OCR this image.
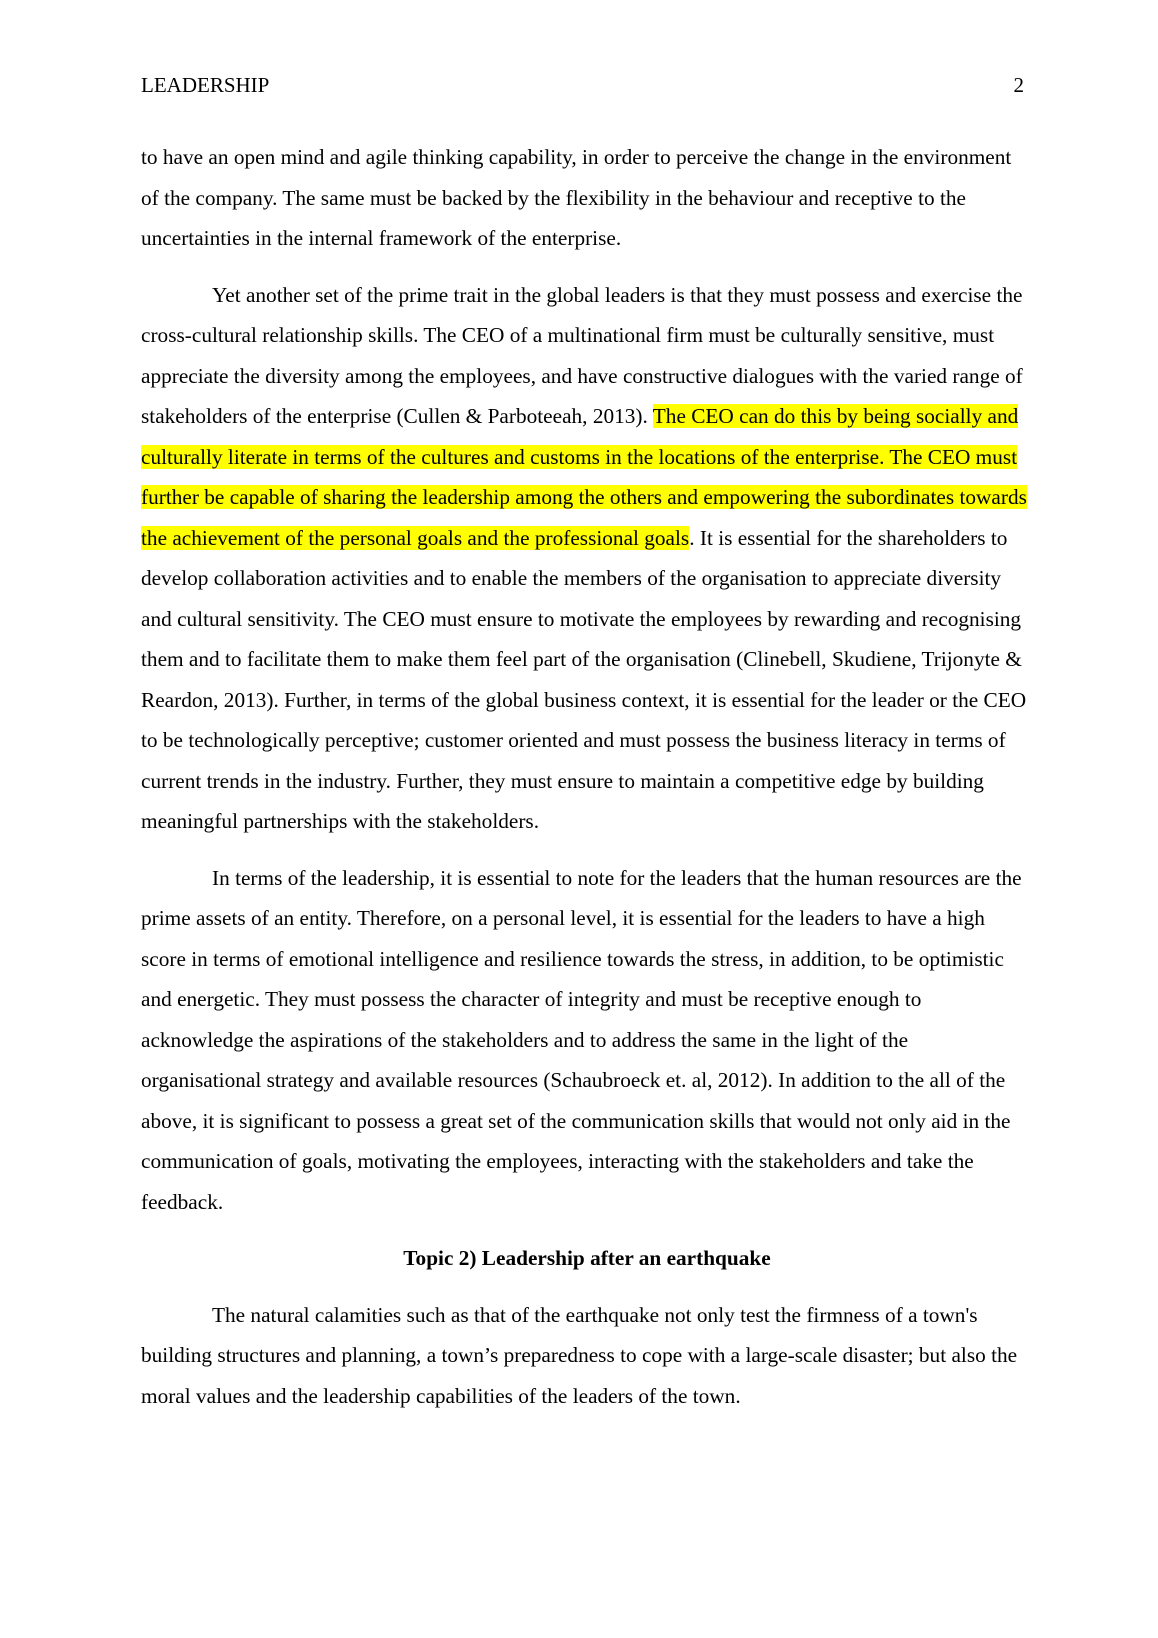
LEADERSHIP	2

to have an open mind and agile thinking capability, in order to perceive the change in the environment of the company. The same must be backed by the flexibility in the behaviour and receptive to the uncertainties in the internal framework of the enterprise.

Yet another set of the prime trait in the global leaders is that they must possess and exercise the cross-cultural relationship skills. The CEO of a multinational firm must be culturally sensitive, must appreciate the diversity among the employees, and have constructive dialogues with the varied range of stakeholders of the enterprise (Cullen & Parboteeah, 2013). The CEO can do this by being socially and culturally literate in terms of the cultures and customs in the locations of the enterprise. The CEO must further be capable of sharing the leadership among the others and empowering the subordinates towards the achievement of the personal goals and the professional goals. It is essential for the shareholders to develop collaboration activities and to enable the members of the organisation to appreciate diversity and cultural sensitivity. The CEO must ensure to motivate the employees by rewarding and recognising them and to facilitate them to make them feel part of the organisation (Clinebell, Skudiene, Trijonyte & Reardon, 2013). Further, in terms of the global business context, it is essential for the leader or the CEO to be technologically perceptive; customer oriented and must possess the business literacy in terms of current trends in the industry. Further, they must ensure to maintain a competitive edge by building meaningful partnerships with the stakeholders.

In terms of the leadership, it is essential to note for the leaders that the human resources are the prime assets of an entity. Therefore, on a personal level, it is essential for the leaders to have a high score in terms of emotional intelligence and resilience towards the stress, in addition, to be optimistic and energetic. They must possess the character of integrity and must be receptive enough to acknowledge the aspirations of the stakeholders and to address the same in the light of the organisational strategy and available resources (Schaubroeck et. al, 2012). In addition to the all of the above, it is significant to possess a great set of the communication skills that would not only aid in the communication of goals, motivating the employees, interacting with the stakeholders and take the feedback.

Topic 2) Leadership after an earthquake

The natural calamities such as that of the earthquake not only test the firmness of a town's building structures and planning, a town’s preparedness to cope with a large-scale disaster; but also the moral values and the leadership capabilities of the leaders of the town.
